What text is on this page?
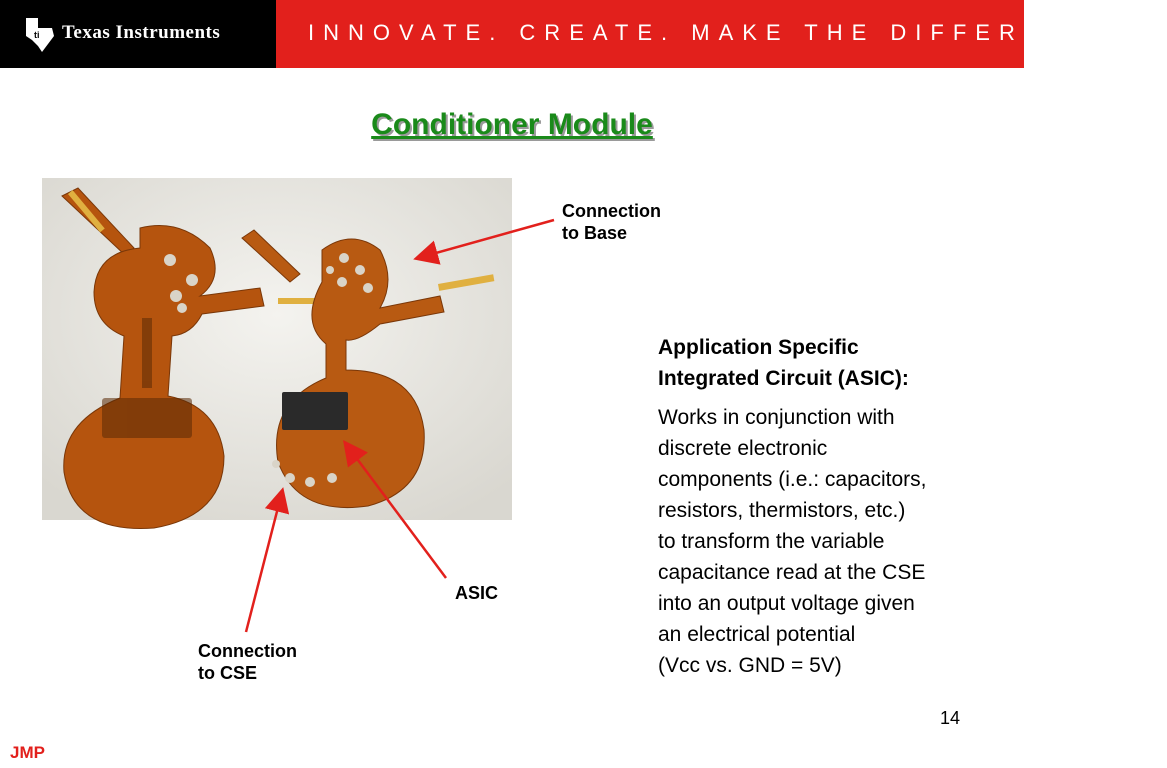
ti Texas Instruments	INNOVATE. CREATE. MAKE THE DIFFERENCE.™
Conditioner Module
Connection
to Base
ASIC
Connection
to CSE
Application Specific
Integrated Circuit (ASIC):
Works in conjunction with
discrete electronic
components (i.e.: capacitors,
resistors, thermistors, etc.)
to transform the variable
capacitance read at the CSE
into an output voltage given
an electrical potential
(Vcc vs. GND = 5V)
14
JMP
